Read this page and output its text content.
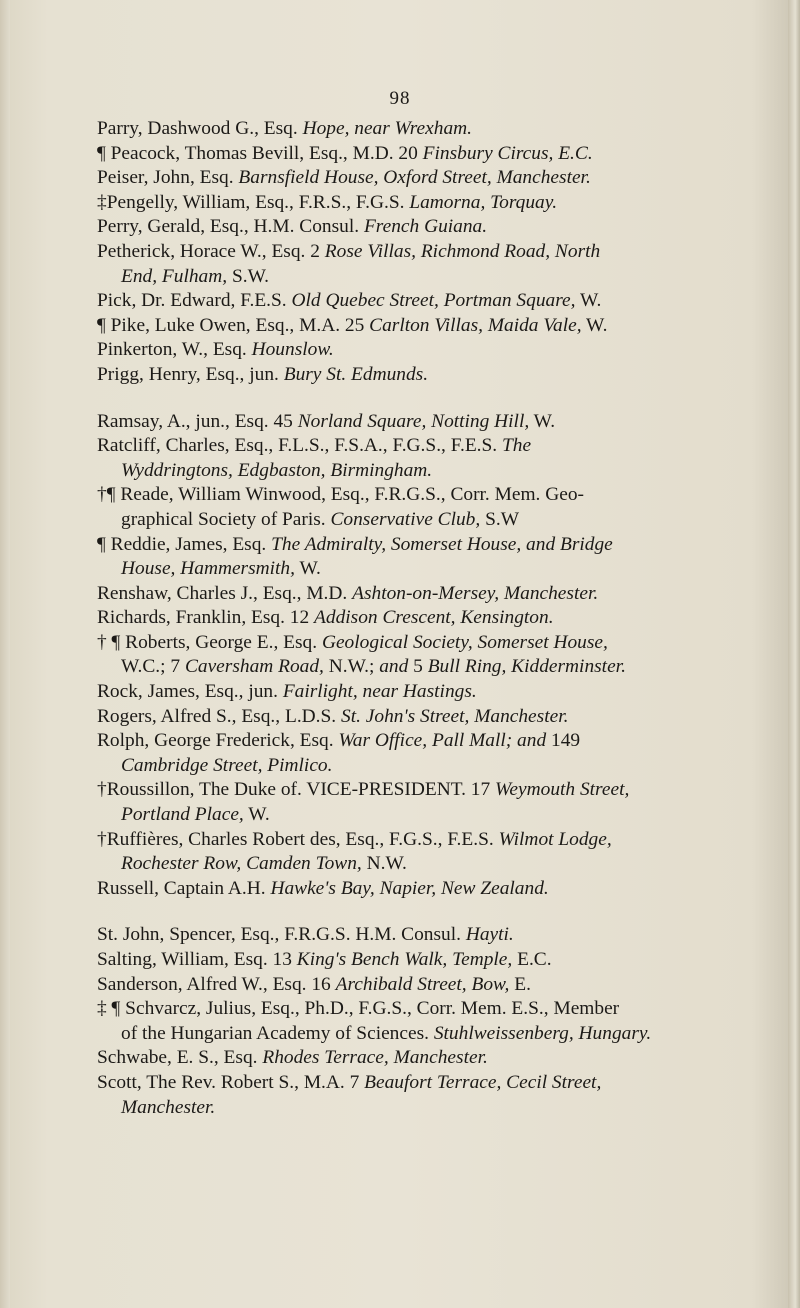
98
Parry, Dashwood G., Esq. Hope, near Wrexham.
¶ Peacock, Thomas Bevill, Esq., M.D. 20 Finsbury Circus, E.C.
Peiser, John, Esq. Barnsfield House, Oxford Street, Manchester.
‡Pengelly, William, Esq., F.R.S., F.G.S. Lamorna, Torquay.
Perry, Gerald, Esq., H.M. Consul. French Guiana.
Petherick, Horace W., Esq. 2 Rose Villas, Richmond Road, North
End, Fulham, S.W.
Pick, Dr. Edward, F.E.S. Old Quebec Street, Portman Square, W.
¶ Pike, Luke Owen, Esq., M.A. 25 Carlton Villas, Maida Vale, W.
Pinkerton, W., Esq. Hounslow.
Prigg, Henry, Esq., jun. Bury St. Edmunds.
Ramsay, A., jun., Esq. 45 Norland Square, Notting Hill, W.
Ratcliff, Charles, Esq., F.L.S., F.S.A., F.G.S., F.E.S. The
Wyddringtons, Edgbaston, Birmingham.
†¶ Reade, William Winwood, Esq., F.R.G.S., Corr. Mem. Geo-
graphical Society of Paris. Conservative Club, S.W
¶ Reddie, James, Esq. The Admiralty, Somerset House, and Bridge
House, Hammersmith, W.
Renshaw, Charles J., Esq., M.D. Ashton-on-Mersey, Manchester.
Richards, Franklin, Esq. 12 Addison Crescent, Kensington.
† ¶ Roberts, George E., Esq. Geological Society, Somerset House,
W.C.; 7 Caversham Road, N.W.; and 5 Bull Ring, Kidderminster.
Rock, James, Esq., jun. Fairlight, near Hastings.
Rogers, Alfred S., Esq., L.D.S. St. John's Street, Manchester.
Rolph, George Frederick, Esq. War Office, Pall Mall; and 149
Cambridge Street, Pimlico.
†Roussillon, The Duke of. VICE-PRESIDENT. 17 Weymouth Street,
Portland Place, W.
†Ruffières, Charles Robert des, Esq., F.G.S., F.E.S. Wilmot Lodge,
Rochester Row, Camden Town, N.W.
Russell, Captain A.H. Hawke's Bay, Napier, New Zealand.
St. John, Spencer, Esq., F.R.G.S. H.M. Consul. Hayti.
Salting, William, Esq. 13 King's Bench Walk, Temple, E.C.
Sanderson, Alfred W., Esq. 16 Archibald Street, Bow, E.
‡ ¶ Schvarcz, Julius, Esq., Ph.D., F.G.S., Corr. Mem. E.S., Member
of the Hungarian Academy of Sciences. Stuhlweissenberg, Hungary.
Schwabe, E. S., Esq. Rhodes Terrace, Manchester.
Scott, The Rev. Robert S., M.A. 7 Beaufort Terrace, Cecil Street,
Manchester.
